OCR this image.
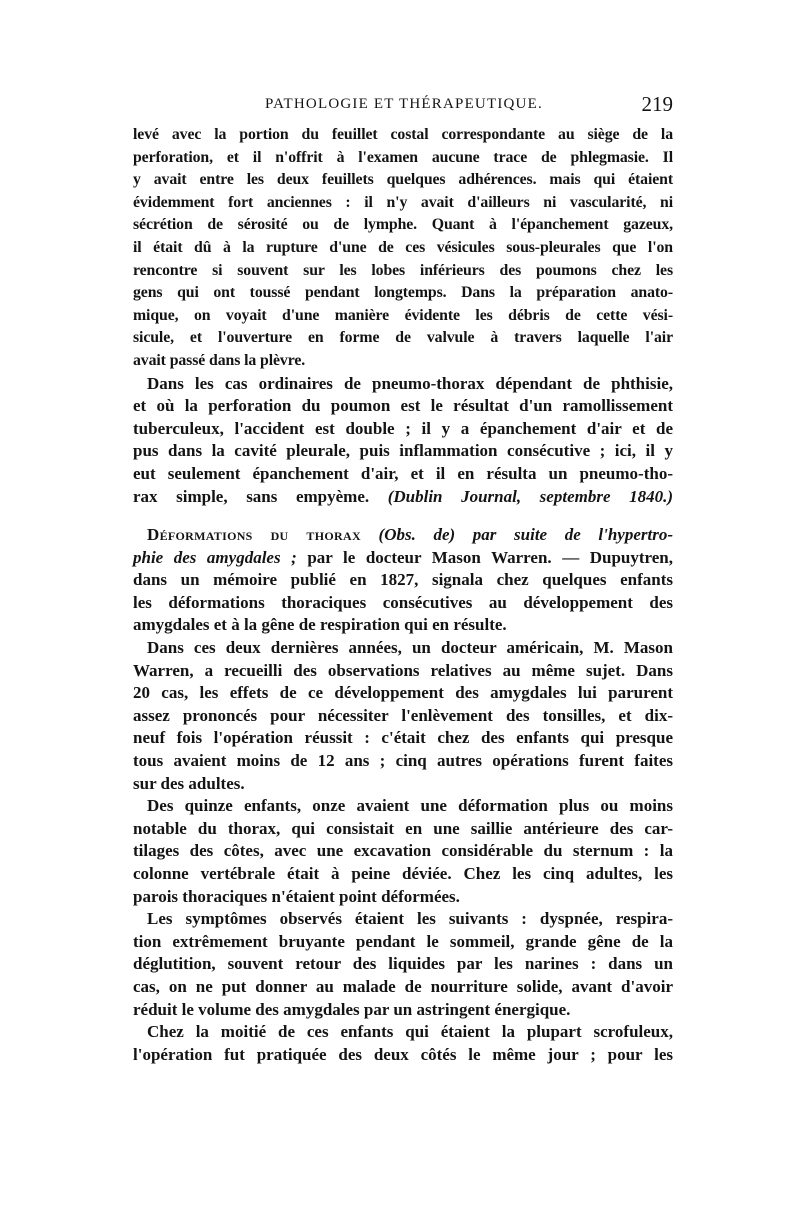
PATHOLOGIE ET THÉRAPEUTIQUE.	219
levé avec la portion du feuillet costal correspondante au siège de la
perforation, et il n'offrit à l'examen aucune trace de phlegmasie. Il
y avait entre les deux feuillets quelques adhérences. mais qui étaient
évidemment fort anciennes : il n'y avait d'ailleurs ni vascularité, ni
sécrétion de sérosité ou de lymphe. Quant à l'épanchement gazeux,
il était dû à la rupture d'une de ces vésicules sous-pleurales que l'on
rencontre si souvent sur les lobes inférieurs des poumons chez les
gens qui ont toussé pendant longtemps. Dans la préparation anato-
mique, on voyait d'une manière évidente les débris de cette vési-
sicule, et l'ouverture en forme de valvule à travers laquelle l'air
avait passé dans la plèvre.
Dans les cas ordinaires de pneumo-thorax dépendant de phthisie,
et où la perforation du poumon est le résultat d'un ramollissement
tuberculeux, l'accident est double ; il y a épanchement d'air et de
pus dans la cavité pleurale, puis inflammation consécutive ; ici, il y
eut seulement épanchement d'air, et il en résulta un pneumo-tho-
rax simple, sans empyème. (Dublin Journal, septembre 1840.)
Déformations du thorax (Obs. de) par suite de l'hypertro-
phie des amygdales ; par le docteur Mason Warren. — Dupuytren,
dans un mémoire publié en 1827, signala chez quelques enfants
les déformations thoraciques consécutives au développement des
amygdales et à la gêne de respiration qui en résulte.
Dans ces deux dernières années, un docteur américain, M. Mason
Warren, a recueilli des observations relatives au même sujet. Dans
20 cas, les effets de ce développement des amygdales lui parurent
assez prononcés pour nécessiter l'enlèvement des tonsilles, et dix-
neuf fois l'opération réussit : c'était chez des enfants qui presque
tous avaient moins de 12 ans ; cinq autres opérations furent faites
sur des adultes.
Des quinze enfants, onze avaient une déformation plus ou moins
notable du thorax, qui consistait en une saillie antérieure des car-
tilages des côtes, avec une excavation considérable du sternum : la
colonne vertébrale était à peine déviée. Chez les cinq adultes, les
parois thoraciques n'étaient point déformées.
Les symptômes observés étaient les suivants : dyspnée, respira-
tion extrêmement bruyante pendant le sommeil, grande gêne de la
déglutition, souvent retour des liquides par les narines : dans un
cas, on ne put donner au malade de nourriture solide, avant d'avoir
réduit le volume des amygdales par un astringent énergique.
Chez la moitié de ces enfants qui étaient la plupart scrofuleux,
l'opération fut pratiquée des deux côtés le même jour ; pour les
